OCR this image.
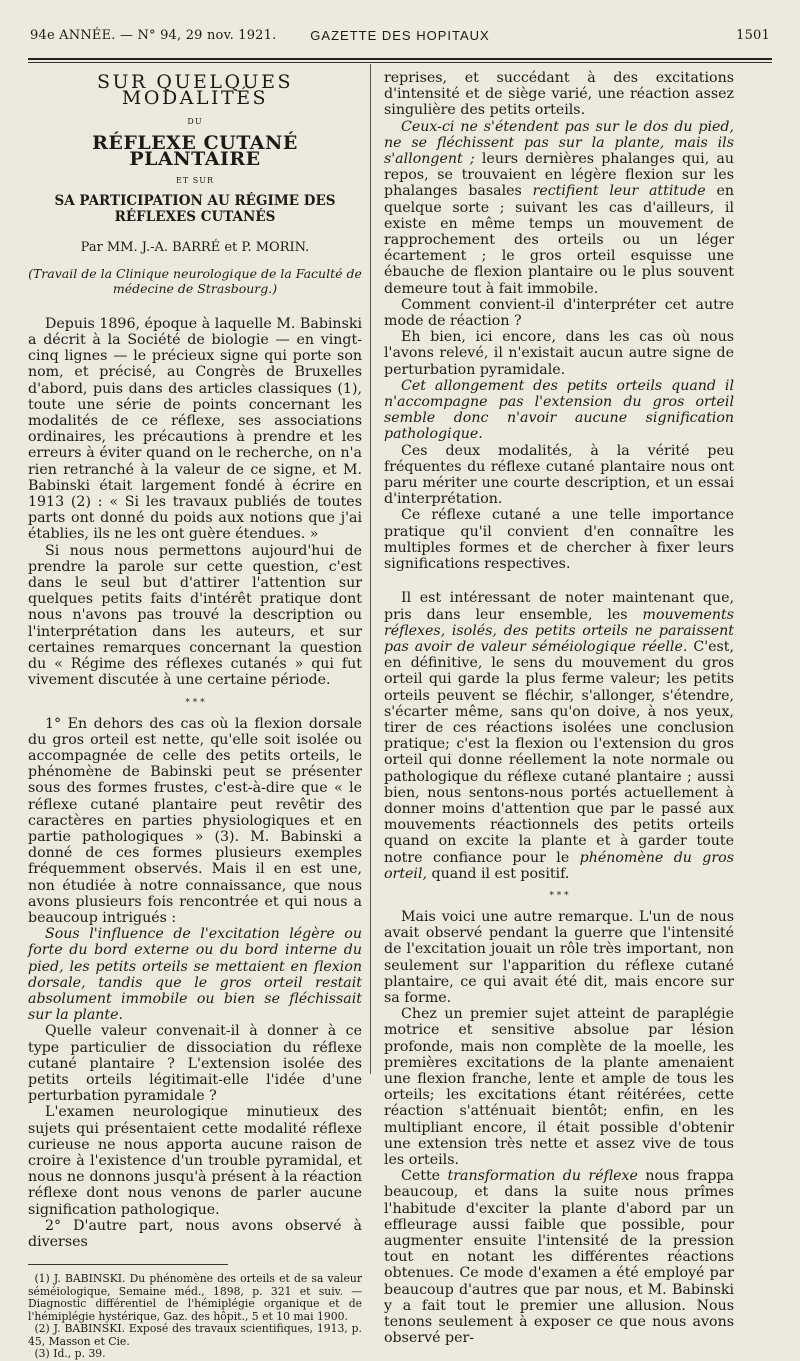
94e ANNÉE. — N° 94, 29 nov. 1921.	GAZETTE DES HOPITAUX	1501
SUR QUELQUES MODALITÉS
DU
RÉFLEXE CUTANÉ PLANTAIRE
ET SUR
SA PARTICIPATION AU RÉGIME DES RÉFLEXES CUTANÉS
Par MM. J.-A. BARRÉ et P. MORIN.
(Travail de la Clinique neurologique de la Faculté de médecine de Strasbourg.)

Depuis 1896, époque à laquelle M. Babinski a décrit à la Société de biologie — en vingt-cinq lignes — le précieux signe qui porte son nom, et précisé, au Congrès de Bruxelles d'abord, puis dans des articles classiques (1), toute une série de points concernant les modalités de ce réflexe, ses associations ordinaires, les précautions à prendre et les erreurs à éviter quand on le recherche, on n'a rien retranché à la valeur de ce signe, et M. Babinski était largement fondé à écrire en 1913 (2) : « Si les travaux publiés de toutes parts ont donné du poids aux notions que j'ai établies, ils ne les ont guère étendues. »

Si nous nous permettons aujourd'hui de prendre la parole sur cette question, c'est dans le seul but d'attirer l'attention sur quelques petits faits d'intérêt pratique dont nous n'avons pas trouvé la description ou l'interprétation dans les auteurs, et sur certaines remarques concernant la question du « Régime des réflexes cutanés » qui fut vivement discutée à une certaine période.

* * *

1° En dehors des cas où la flexion dorsale du gros orteil est nette, qu'elle soit isolée ou accompagnée de celle des petits orteils, le phénomène de Babinski peut se présenter sous des formes frustes, c'est-à-dire que « le réflexe cutané plantaire peut revêtir des caractères en parties physiologiques et en partie pathologiques » (3). M. Babinski a donné de ces formes plusieurs exemples fréquemment observés. Mais il en est une, non étudiée à notre connaissance, que nous avons plusieurs fois rencontrée et qui nous a beaucoup intrigués :

Sous l'influence de l'excitation légère ou forte du bord externe ou du bord interne du pied, les petits orteils se mettaient en flexion dorsale, tandis que le gros orteil restait absolument immobile ou bien se fléchissait sur la plante.

Quelle valeur convenait-il à donner à ce type particulier de dissociation du réflexe cutané plantaire ? L'extension isolée des petits orteils légitimait-elle l'idée d'une perturbation pyramidale ?

L'examen neurologique minutieux des sujets qui présentaient cette modalité réflexe curieuse ne nous apporta aucune raison de croire à l'existence d'un trouble pyramidal, et nous ne donnons jusqu'à présent à la réaction réflexe dont nous venons de parler aucune signification pathologique.

2° D'autre part, nous avons observé à diverses

(1) J. BABINSKI. Du phénomène des orteils et de sa valeur séméiologique, Semaine méd., 1898, p. 321 et suiv. — Diagnostic différentiel de l'hémiplégie organique et de l'hémiplégie hystérique, Gaz. des hôpit., 5 et 10 mai 1900.

(2) J. BABINSKI. Exposé des travaux scientifiques, 1913, p. 45, Masson et Cie.

(3) Id., p. 39.

reprises, et succédant à des excitations d'intensité et de siège varié, une réaction assez singulière des petits orteils.

Ceux-ci ne s'étendent pas sur le dos du pied, ne se fléchissent pas sur la plante, mais ils s'allongent ; leurs dernières phalanges qui, au repos, se trouvaient en légère flexion sur les phalanges basales rectifient leur attitude en quelque sorte ; suivant les cas d'ailleurs, il existe en même temps un mouvement de rapprochement des orteils ou un léger écartement ; le gros orteil esquisse une ébauche de flexion plantaire ou le plus souvent demeure tout à fait immobile.

Comment convient-il d'interpréter cet autre mode de réaction ?

Eh bien, ici encore, dans les cas où nous l'avons relevé, il n'existait aucun autre signe de perturbation pyramidale.

Cet allongement des petits orteils quand il n'accompagne pas l'extension du gros orteil semble donc n'avoir aucune signification pathologique.

Ces deux modalités, à la vérité peu fréquentes du réflexe cutané plantaire nous ont paru mériter une courte description, et un essai d'interprétation.

Ce réflexe cutané a une telle importance pratique qu'il convient d'en connaître les multiples formes et de chercher à fixer leurs significations respectives.

Il est intéressant de noter maintenant que, pris dans leur ensemble, les mouvements réflexes, isolés, des petits orteils ne paraissent pas avoir de valeur séméiologique réelle. C'est, en définitive, le sens du mouvement du gros orteil qui garde la plus ferme valeur; les petits orteils peuvent se fléchir, s'allonger, s'étendre, s'écarter même, sans qu'on doive, à nos yeux, tirer de ces réactions isolées une conclusion pratique; c'est la flexion ou l'extension du gros orteil qui donne réellement la note normale ou pathologique du réflexe cutané plantaire ; aussi bien, nous sentons-nous portés actuellement à donner moins d'attention que par le passé aux mouvements réactionnels des petits orteils quand on excite la plante et à garder toute notre confiance pour le phénomène du gros orteil, quand il est positif.

* * *

Mais voici une autre remarque. L'un de nous avait observé pendant la guerre que l'intensité de l'excitation jouait un rôle très important, non seulement sur l'apparition du réflexe cutané plantaire, ce qui avait été dit, mais encore sur sa forme.

Chez un premier sujet atteint de paraplégie motrice et sensitive absolue par lésion profonde, mais non complète de la moelle, les premières excitations de la plante amenaient une flexion franche, lente et ample de tous les orteils; les excitations étant réitérées, cette réaction s'atténuait bientôt; enfin, en les multipliant encore, il était possible d'obtenir une extension très nette et assez vive de tous les orteils.

Cette transformation du réflexe nous frappa beaucoup, et dans la suite nous prîmes l'habitude d'exciter la plante d'abord par un effleurage aussi faible que possible, pour augmenter ensuite l'intensité de la pression tout en notant les différentes réactions obtenues. Ce mode d'examen a été employé par beaucoup d'autres que par nous, et M. Babinski y a fait tout le premier une allusion. Nous tenons seulement à exposer ce que nous avons observé per-
